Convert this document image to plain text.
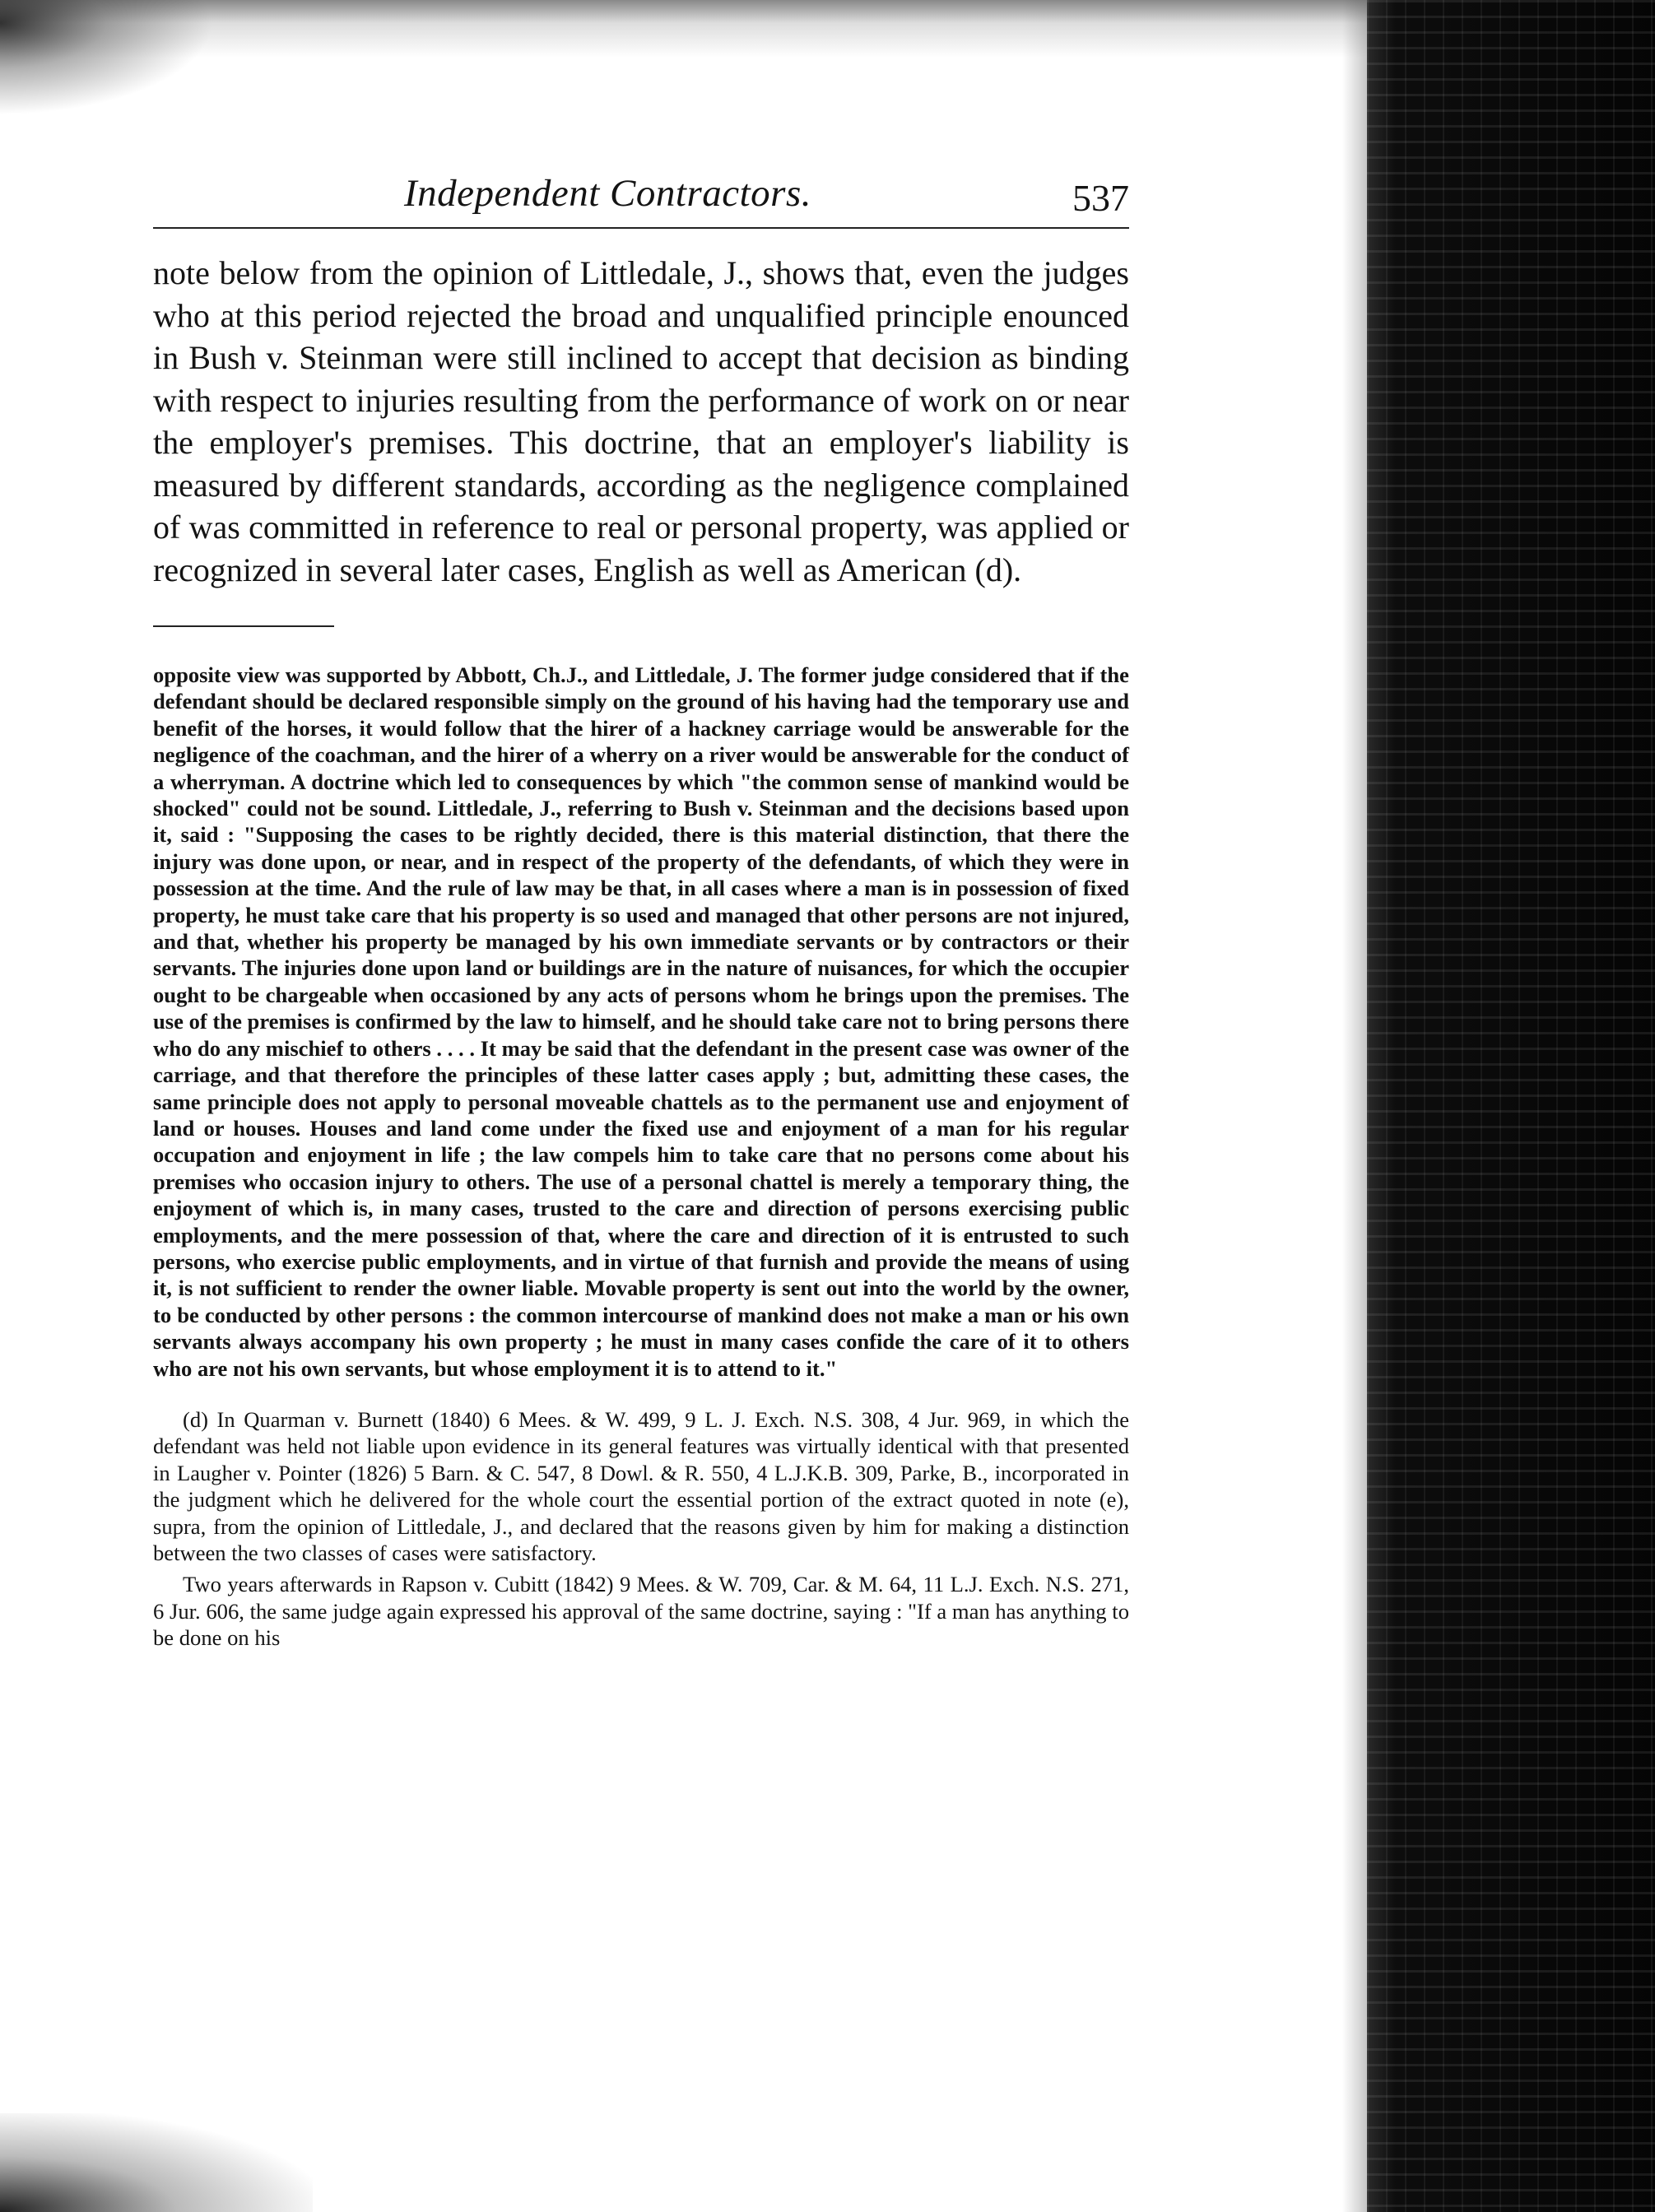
Independent Contractors.	537

note below from the opinion of Littledale, J., shows that, even the judges who at this period rejected the broad and unqualified principle enounced in Bush v. Steinman were still inclined to accept that decision as binding with respect to injuries resulting from the performance of work on or near the employer's premises. This doctrine, that an employer's liability is measured by different standards, according as the negligence complained of was committed in reference to real or personal property, was applied or recognized in several later cases, English as well as American (d).

opposite view was supported by Abbott, Ch.J., and Littledale, J. The former judge considered that if the defendant should be declared responsible simply on the ground of his having had the temporary use and benefit of the horses, it would follow that the hirer of a hackney carriage would be answerable for the negligence of the coachman, and the hirer of a wherry on a river would be answerable for the conduct of a wherryman. A doctrine which led to consequences by which "the common sense of mankind would be shocked" could not be sound. Littledale, J., referring to Bush v. Steinman and the decisions based upon it, said : "Supposing the cases to be rightly decided, there is this material distinction, that there the injury was done upon, or near, and in respect of the property of the defendants, of which they were in possession at the time. And the rule of law may be that, in all cases where a man is in possession of fixed property, he must take care that his property is so used and managed that other persons are not injured, and that, whether his property be managed by his own immediate servants or by contractors or their servants. The injuries done upon land or buildings are in the nature of nuisances, for which the occupier ought to be chargeable when occasioned by any acts of persons whom he brings upon the premises. The use of the premises is confirmed by the law to himself, and he should take care not to bring persons there who do any mischief to others . . . . It may be said that the defendant in the present case was owner of the carriage, and that therefore the principles of these latter cases apply ; but, admitting these cases, the same principle does not apply to personal moveable chattels as to the permanent use and enjoyment of land or houses. Houses and land come under the fixed use and enjoyment of a man for his regular occupation and enjoyment in life ; the law compels him to take care that no persons come about his premises who occasion injury to others. The use of a personal chattel is merely a temporary thing, the enjoyment of which is, in many cases, trusted to the care and direction of persons exercising public employments, and the mere possession of that, where the care and direction of it is entrusted to such persons, who exercise public employments, and in virtue of that furnish and provide the means of using it, is not sufficient to render the owner liable. Movable property is sent out into the world by the owner, to be conducted by other persons : the common intercourse of mankind does not make a man or his own servants always accompany his own property ; he must in many cases confide the care of it to others who are not his own servants, but whose employment it is to attend to it."

(d) In Quarman v. Burnett (1840) 6 Mees. & W. 499, 9 L. J. Exch. N.S. 308, 4 Jur. 969, in which the defendant was held not liable upon evidence in its general features was virtually identical with that presented in Laugher v. Pointer (1826) 5 Barn. & C. 547, 8 Dowl. & R. 550, 4 L.J.K.B. 309, Parke, B., incorporated in the judgment which he delivered for the whole court the essential portion of the extract quoted in note (e), supra, from the opinion of Littledale, J., and declared that the reasons given by him for making a distinction between the two classes of cases were satisfactory.

Two years afterwards in Rapson v. Cubitt (1842) 9 Mees. & W. 709, Car. & M. 64, 11 L.J. Exch. N.S. 271, 6 Jur. 606, the same judge again expressed his approval of the same doctrine, saying : "If a man has anything to be done on his
